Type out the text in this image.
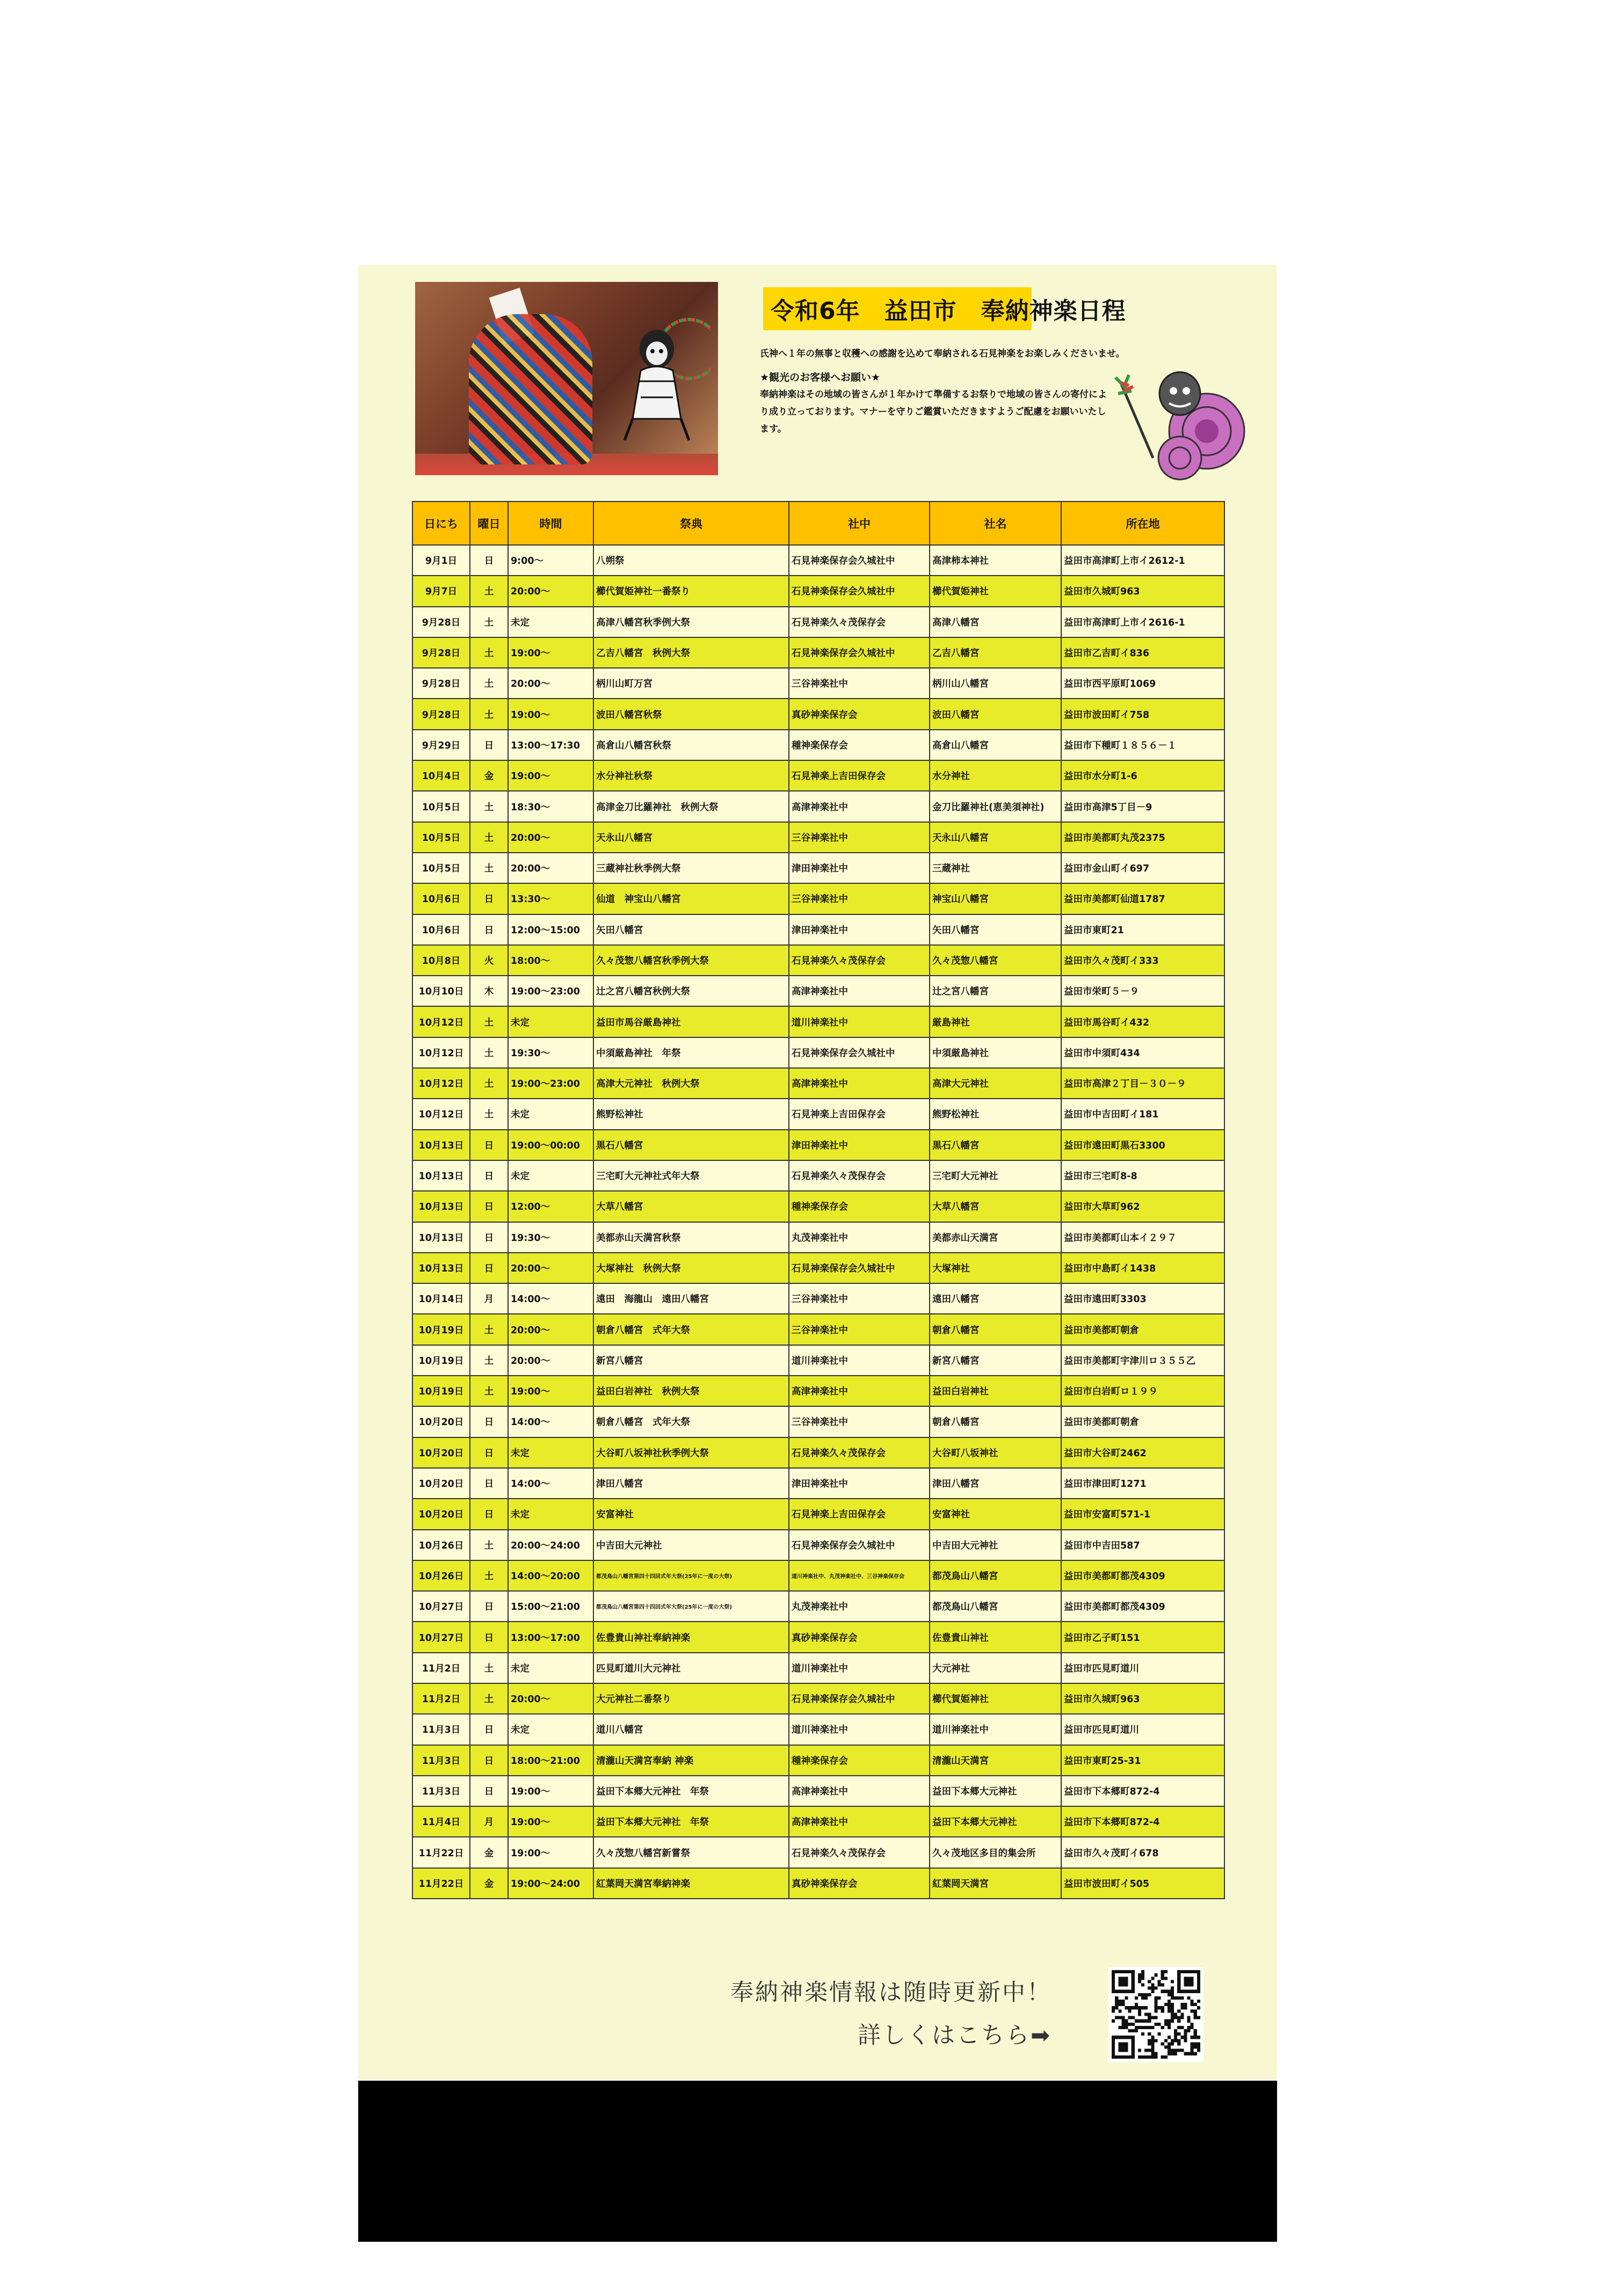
令和6年　益田市　奉納神楽日程
氏神へ１年の無事と収穫への感謝を込めて奉納される石見神楽をお楽しみくださいませ。
★観光のお客様へお願い★
奉納神楽はその地域の皆さんが１年かけて準備するお祭りで地域の皆さんの寄付により成り立っております。マナーを守りご鑑賞いただきますようご配慮をお願いいたします。
日にち	曜日	時間	祭典	社中	社名	所在地
9月1日	日	9:00～	八朔祭	石見神楽保存会久城社中	高津柿本神社	益田市高津町上市イ2612-1
9月7日	土	20:00～	櫛代賀姫神社一番祭り	石見神楽保存会久城社中	櫛代賀姫神社	益田市久城町963
9月28日	土	未定	高津八幡宮秋季例大祭	石見神楽久々茂保存会	高津八幡宮	益田市高津町上市イ2616-1
9月28日	土	19:00～	乙吉八幡宮　秋例大祭	石見神楽保存会久城社中	乙吉八幡宮	益田市乙吉町イ836
9月28日	土	20:00～	柄川山町万宮	三谷神楽社中	柄川山八幡宮	益田市西平原町1069
9月28日	土	19:00～	波田八幡宮秋祭	真砂神楽保存会	波田八幡宮	益田市波田町イ758
9月29日	日	13:00～17:30	高倉山八幡宮秋祭	種神楽保存会	高倉山八幡宮	益田市下種町１８５６－１
10月4日	金	19:00～	水分神社秋祭	石見神楽上吉田保存会	水分神社	益田市水分町1-6
10月5日	土	18:30～	高津金刀比羅神社　秋例大祭	高津神楽社中	金刀比羅神社(恵美須神社)	益田市高津5丁目－9
10月5日	土	20:00～	天永山八幡宮	三谷神楽社中	天永山八幡宮	益田市美都町丸茂2375
10月5日	土	20:00～	三蔵神社秋季例大祭	津田神楽社中	三蔵神社	益田市金山町イ697
10月6日	日	13:30～	仙道　神宝山八幡宮	三谷神楽社中	神宝山八幡宮	益田市美都町仙道1787
10月6日	日	12:00～15:00	矢田八幡宮	津田神楽社中	矢田八幡宮	益田市東町21
10月8日	火	18:00～	久々茂惣八幡宮秋季例大祭	石見神楽久々茂保存会	久々茂惣八幡宮	益田市久々茂町イ333
10月10日	木	19:00～23:00	辻之宮八幡宮秋例大祭	高津神楽社中	辻之宮八幡宮	益田市栄町５－９
10月12日	土	未定	益田市馬谷厳島神社	道川神楽社中	厳島神社	益田市馬谷町イ432
10月12日	土	19:30～	中須厳島神社　年祭	石見神楽保存会久城社中	中須厳島神社	益田市中須町434
10月12日	土	19:00～23:00	高津大元神社　秋例大祭	高津神楽社中	高津大元神社	益田市高津２丁目－３０－９
10月12日	土	未定	熊野松神社	石見神楽上吉田保存会	熊野松神社	益田市中吉田町イ181
10月13日	日	19:00～00:00	黒石八幡宮	津田神楽社中	黒石八幡宮	益田市遠田町黒石3300
10月13日	日	未定	三宅町大元神社式年大祭	石見神楽久々茂保存会	三宅町大元神社	益田市三宅町8-8
10月13日	日	12:00～	大草八幡宮	種神楽保存会	大草八幡宮	益田市大草町962
10月13日	日	19:30～	美都赤山天満宮秋祭	丸茂神楽社中	美都赤山天満宮	益田市美都町山本イ２９７
10月13日	日	20:00～	大塚神社　秋例大祭	石見神楽保存会久城社中	大塚神社	益田市中島町イ1438
10月14日	月	14:00～	遠田　海龍山　遠田八幡宮	三谷神楽社中	遠田八幡宮	益田市遠田町3303
10月19日	土	20:00～	朝倉八幡宮　式年大祭	三谷神楽社中	朝倉八幡宮	益田市美都町朝倉
10月19日	土	20:00～	新宮八幡宮	道川神楽社中	新宮八幡宮	益田市美都町宇津川ロ３５５乙
10月19日	土	19:00～	益田白岩神社　秋例大祭	高津神楽社中	益田白岩神社	益田市白岩町ロ１９９
10月20日	日	14:00～	朝倉八幡宮　式年大祭	三谷神楽社中	朝倉八幡宮	益田市美都町朝倉
10月20日	日	未定	大谷町八坂神社秋季例大祭	石見神楽久々茂保存会	大谷町八坂神社	益田市大谷町2462
10月20日	日	14:00～	津田八幡宮	津田神楽社中	津田八幡宮	益田市津田町1271
10月20日	日	未定	安富神社	石見神楽上吉田保存会	安富神社	益田市安富町571-1
10月26日	土	20:00～24:00	中吉田大元神社	石見神楽保存会久城社中	中吉田大元神社	益田市中吉田587
10月26日	土	14:00～20:00	都茂鳥山八幡宮第四十四回式年大祭(25年に一度の大祭)	道川神楽社中、丸茂神楽社中、三谷神楽保存会	都茂鳥山八幡宮	益田市美都町都茂4309
10月27日	日	15:00～21:00	都茂鳥山八幡宮第四十四回式年大祭(25年に一度の大祭)	丸茂神楽社中	都茂鳥山八幡宮	益田市美都町都茂4309
10月27日	日	13:00～17:00	佐豊貴山神社奉納神楽	真砂神楽保存会	佐豊貴山神社	益田市乙子町151
11月2日	土	未定	匹見町道川大元神社	道川神楽社中	大元神社	益田市匹見町道川
11月2日	土	20:00～	大元神社二番祭り	石見神楽保存会久城社中	櫛代賀姫神社	益田市久城町963
11月3日	日	未定	道川八幡宮	道川神楽社中	道川神楽社中	益田市匹見町道川
11月3日	日	18:00～21:00	清瀧山天満宮奉納 神楽	種神楽保存会	清瀧山天満宮	益田市東町25-31
11月3日	日	19:00～	益田下本郷大元神社　年祭	高津神楽社中	益田下本郷大元神社	益田市下本郷町872-4
11月4日	月	19:00～	益田下本郷大元神社　年祭	高津神楽社中	益田下本郷大元神社	益田市下本郷町872-4
11月22日	金	19:00～	久々茂惣八幡宮新嘗祭	石見神楽久々茂保存会	久々茂地区多目的集会所	益田市久々茂町イ678
11月22日	金	19:00～24:00	紅葉岡天満宮奉納神楽	真砂神楽保存会	紅葉岡天満宮	益田市波田町イ505
奉納神楽情報は随時更新中！
詳しくはこちら➡
